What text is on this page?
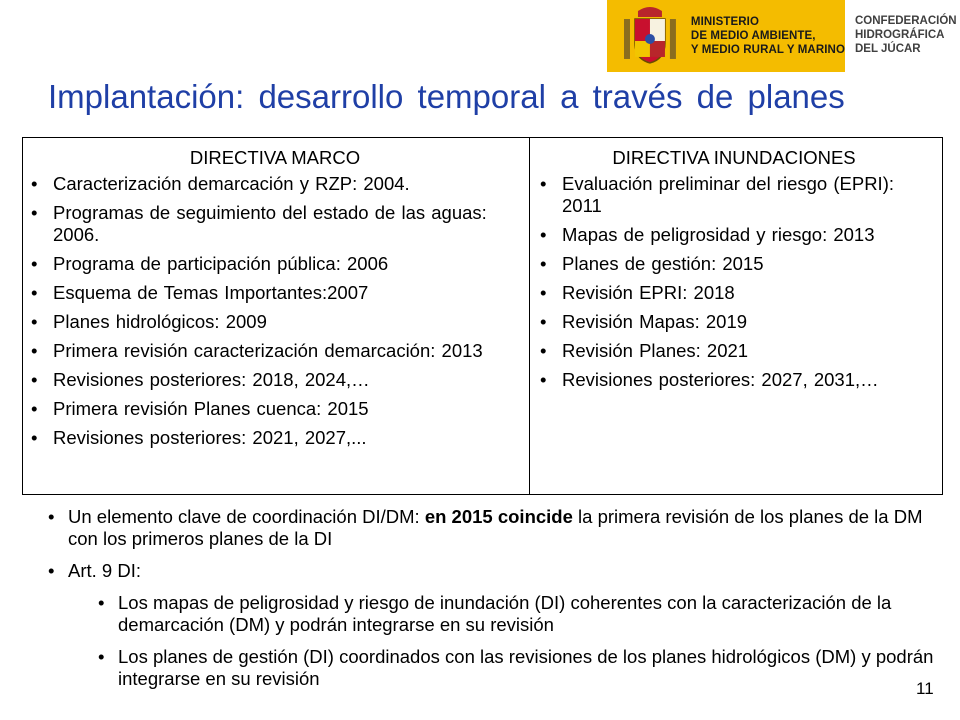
MINISTERIO
DE MEDIO AMBIENTE,
Y MEDIO RURAL Y MARINO
CONFEDERACIÓN
HIDROGRÁFICA
DEL JÚCAR
Implantación: desarrollo temporal a través de planes
DIRECTIVA MARCO
• Caracterización demarcación y RZP: 2004.
• Programas de seguimiento del estado de las aguas: 2006.
• Programa de participación pública: 2006
• Esquema de Temas Importantes:2007
• Planes hidrológicos: 2009
• Primera revisión caracterización demarcación: 2013
• Revisiones posteriores: 2018, 2024,…
• Primera revisión Planes cuenca: 2015
• Revisiones posteriores: 2021, 2027,...
DIRECTIVA INUNDACIONES
• Evaluación preliminar del riesgo (EPRI): 2011
• Mapas de peligrosidad y riesgo: 2013
• Planes de gestión: 2015
• Revisión EPRI: 2018
• Revisión Mapas: 2019
• Revisión Planes: 2021
• Revisiones posteriores: 2027, 2031,…
• Un elemento clave de coordinación DI/DM: en 2015 coincide la primera revisión de los planes de la DM con los primeros planes de la DI
• Art. 9 DI:
• Los mapas de peligrosidad y riesgo de inundación (DI) coherentes con la caracterización de la demarcación (DM) y podrán integrarse en su revisión
• Los planes de gestión (DI) coordinados con las revisiones de los planes hidrológicos (DM) y podrán integrarse en su revisión	11
